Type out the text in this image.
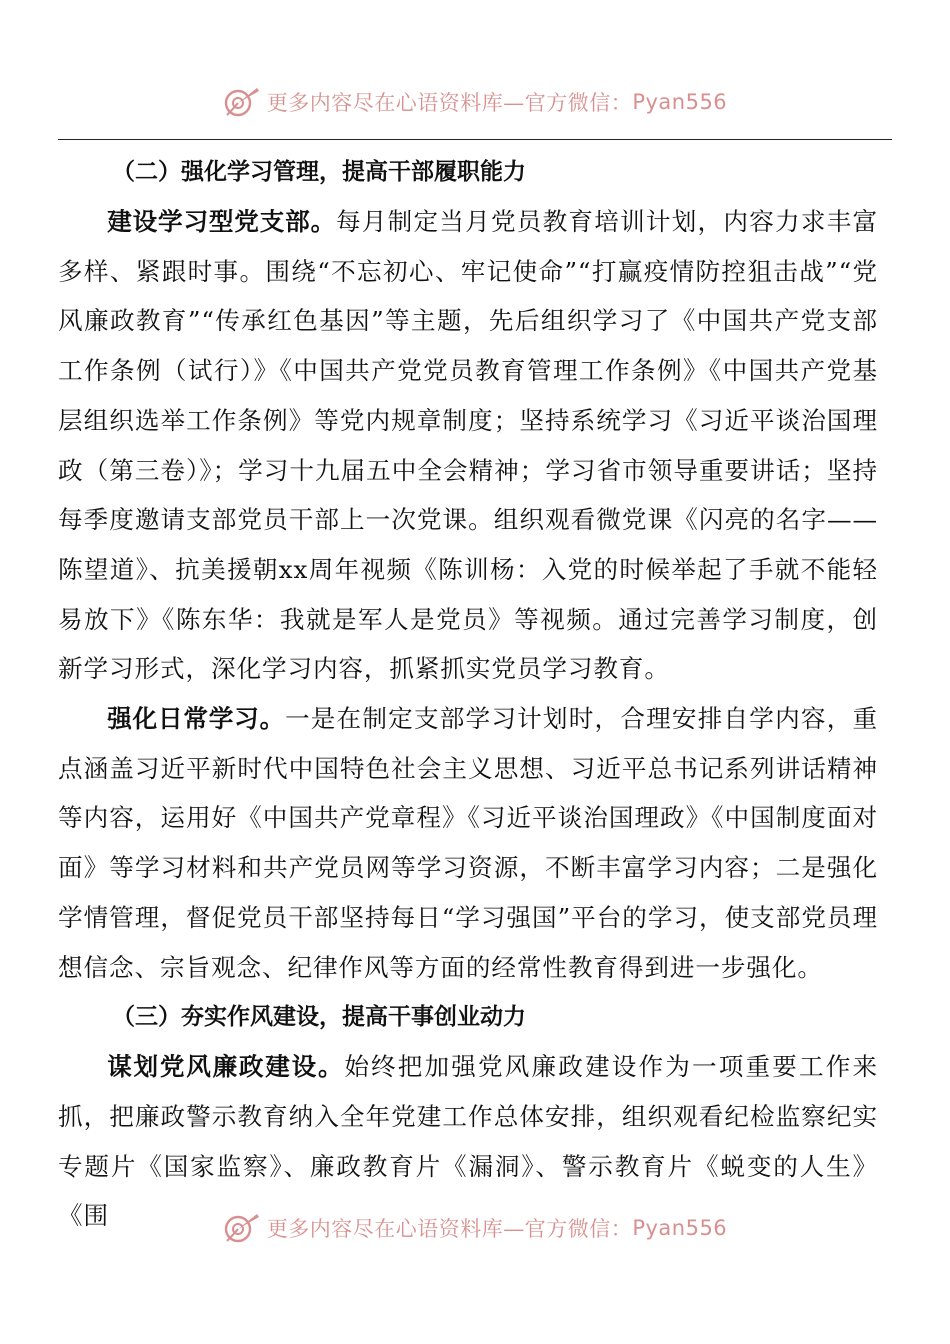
更多内容尽在心语资料库—官方微信： Pyan556
（二）强化学习管理，提高干部履职能力

建设学习型党支部。每月制定当月党员教育培训计划，内容力求丰富多样、紧跟时事。围绕“不忘初心、牢记使命”“打赢疫情防控狙击战”“党风廉政教育”“传承红色基因”等主题，先后组织学习了《中国共产党支部工作条例（试行）》《中国共产党党员教育管理工作条例》《中国共产党基层组织选举工作条例》等党内规章制度；坚持系统学习《习近平谈治国理政（第三卷）》；学习十九届五中全会精神；学习省市领导重要讲话；坚持每季度邀请支部党员干部上一次党课。组织观看微党课《闪亮的名字——陈望道》、抗美援朝xx周年视频《陈训杨：入党的时候举起了手就不能轻易放下》《陈东华：我就是军人是党员》等视频。通过完善学习制度，创新学习形式，深化学习内容，抓紧抓实党员学习教育。

强化日常学习。一是在制定支部学习计划时，合理安排自学内容，重点涵盖习近平新时代中国特色社会主义思想、习近平总书记系列讲话精神等内容，运用好《中国共产党章程》《习近平谈治国理政》《中国制度面对面》等学习材料和共产党员网等学习资源，不断丰富学习内容；二是强化学情管理，督促党员干部坚持每日“学习强国”平台的学习，使支部党员理想信念、宗旨观念、纪律作风等方面的经常性教育得到进一步强化。

（三）夯实作风建设，提高干事创业动力

谋划党风廉政建设。始终把加强党风廉政建设作为一项重要工作来抓，把廉政警示教育纳入全年党建工作总体安排，组织观看纪检监察纪实专题片《国家监察》、廉政教育片《漏洞》、警示教育片《蜕变的人生》《围	更多内容尽在心语资料库—官方微信： Pyan556
